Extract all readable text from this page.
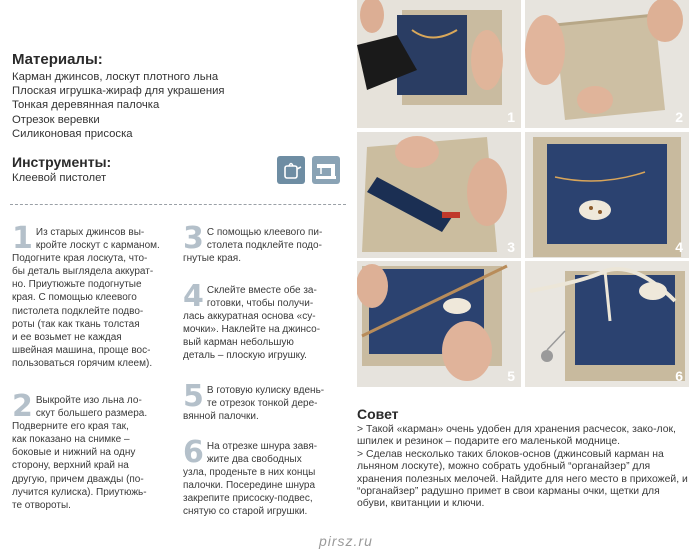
Материалы:
Карман джинсов, лоскут плотного льна
Плоская игрушка-жираф для украшения
Тонкая деревянная палочка
Отрезок веревки
Силиконовая присоска
Инструменты:
Клеевой пистолет
1 Из старых джинсов вы-
кройте лоскут с карманом.
Подогните края лоскута, что-
бы деталь выглядела аккурат-
но. Приутюжьте подогнутые
края. С помощью клеевого
пистолета подклейте подво-
роты (так как ткань толстая
и ее возьмет не каждая
швейная машина, проще вос-
пользоваться горячим клеем).

2 Выкройте изо льна ло-
скут большего размера.
Подверните его края так,
как показано на снимке –
боковые и нижний на одну
сторону, верхний край на
другую, причем дважды (по-
лучится кулиска). Приутюжь-
те отвороты.

3 С помощью клеевого пи-
столета подклейте подо-
гнутые края.

4 Склейте вместе обе за-
готовки, чтобы получи-
лась аккуратная основа «су-
мочки». Наклейте на джинсо-
вый карман небольшую
деталь – плоскую игрушку.

5 В готовую кулиску вдень-
те отрезок тонкой дере-
вянной палочки.

6 На отрезке шнура завя-
жите два свободных
узла, проденьте в них концы
палочки. Посередине шнура
закрепите присоску-подвес,
снятую со старой игрушки.

1	2
3	4
5	6
Совет

> Такой «карман» очень удобен для хранения расчесок, зако-лок, шпилек и резинок – подарите его маленькой моднице.

> Сделав несколько таких блоков-основ (джинсовый карман на льняном лоскуте), можно собрать удобный “органайзер” для хранения полезных мелочей. Найдите для него место в прихожей, и “органайзер” радушно примет в свои карманы очки, щетки для обуви, квитанции и ключи.

pirsz.ru
